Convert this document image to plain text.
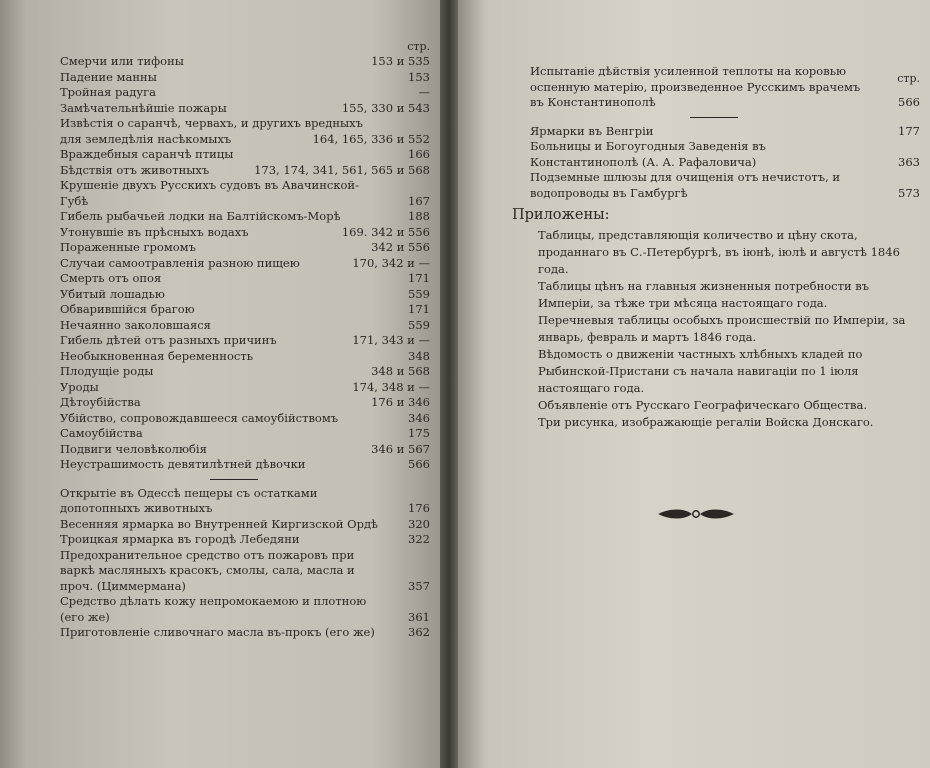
стр.
Смерчи или тифоны	153 и 535
Падение манны	153
Тройная радуга	—
Замѣчательнѣйшіе пожары	155, 330 и 543
Извѣстія о саранчѣ, червахъ, и другихъ вредныхъ для земледѣлія насѣкомыхъ	164, 165, 336 и 552
Враждебныя саранчѣ птицы	166
Бѣдствія отъ животныхъ	173, 174, 341, 561, 565 и 568
Крушеніе двухъ Русскихъ судовъ въ Авачинской-Губѣ	167
Гибель рыбачьей лодки на Балтійскомъ-Морѣ	188
Утонувшіе въ прѣсныхъ водахъ	169. 342 и 556
Пораженные громомъ	342 и 556
Случаи самоотравленія разною пищею	170, 342 и —
Смерть отъ опоя	171
Убитый лошадью	559
Обварившійся брагою	171
Нечаянно заколовшаяся	559
Гибель дѣтей отъ разныхъ причинъ	171, 343 и —
Необыкновенная беременность	348
Плодущіе роды	348 и 568
Уроды	174, 348 и —
Дѣтоубійства	176 и 346
Убійство, сопровождавшееся самоубійствомъ	346
Самоубійства	175
Подвиги человѣколюбія	346 и 567
Неустрашимость девятилѣтней дѣвочки	566
Открытіе въ Одессѣ пещеры съ остатками допотопныхъ животныхъ	176
Весенняя ярмарка во Внутренней Киргизской Ордѣ	320
Троицкая ярмарка въ городѣ Лебедяни	322
Предохранительное средство отъ пожаровъ при варкѣ масляныхъ красокъ, смолы, сала, масла и проч. (Циммермана)	357
Средство дѣлать кожу непромокаемою и плотною (его же)	361
Приготовленіе сливочнаго масла въ-прокъ (его же)	362
Испытаніе дѣйствія усиленной теплоты на коровью оспенную матерію, произведенное Русскимъ врачемъ въ Константинополѣ	566
Ярмарки въ Венгріи	177
Больницы и Богоугодныя Заведенія въ Константинополѣ (А. А. Рафаловича)	363
Подземные шлюзы для очищенія отъ нечистотъ, и водопроводы въ Гамбургѣ	573
Приложены:
Таблицы, представляющія количество и цѣну скота, проданнаго въ С.-Петербургѣ, въ іюнѣ, іюлѣ и августѣ 1846 года.
Таблицы цѣнъ на главныя жизненныя потребности въ Имперіи, за тѣже три мѣсяца настоящаго года.
Перечневыя таблицы особыхъ происшествій по Имперіи, за январь, февраль и мартъ 1846 года.
Вѣдомость о движеніи частныхъ хлѣбныхъ кладей по Рыбинской-Пристани съ начала навигаціи по 1 іюля настоящаго года.
Объявленіе отъ Русскаго Географическаго Общества.
Три рисунка, изображающіе регаліи Войска Донскаго.
стр.
